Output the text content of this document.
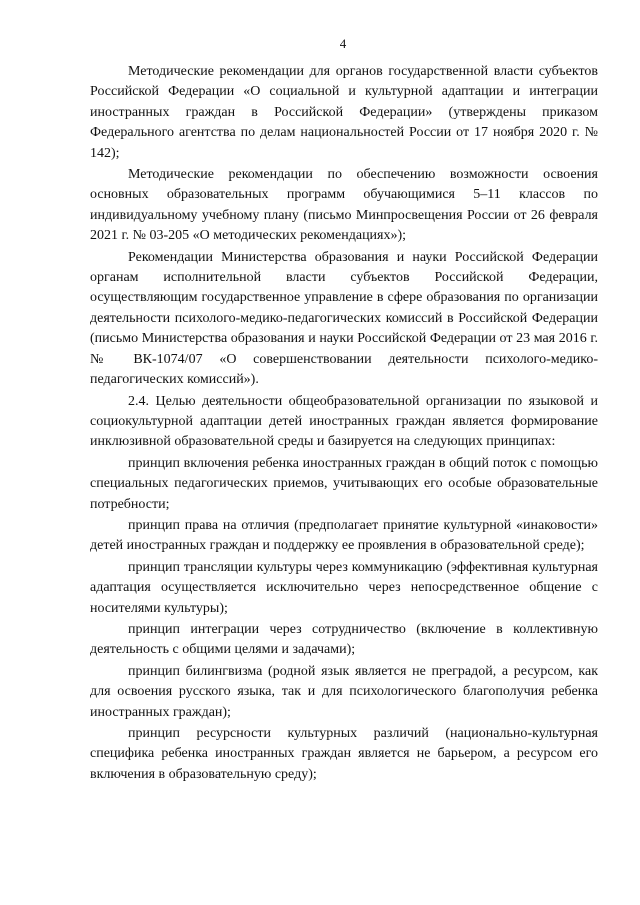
4

Методические рекомендации для органов государственной власти субъектов Российской Федерации «О социальной и культурной адаптации и интеграции иностранных граждан в Российской Федерации» (утверждены приказом Федерального агентства по делам национальностей России от 17 ноября 2020 г. № 142);

Методические рекомендации по обеспечению возможности освоения основных образовательных программ обучающимися 5–11 классов по индивидуальному учебному плану (письмо Минпросвещения России от 26 февраля 2021 г. № 03-205 «О методических рекомендациях»);

Рекомендации Министерства образования и науки Российской Федерации органам исполнительной власти субъектов Российской Федерации, осуществляющим государственное управление в сфере образования по организации деятельности психолого-медико-педагогических комиссий в Российской Федерации (письмо Министерства образования и науки Российской Федерации от 23 мая 2016 г. № ВК-1074/07 «О совершенствовании деятельности психолого-медико-педагогических комиссий»).

2.4. Целью деятельности общеобразовательной организации по языковой и социокультурной адаптации детей иностранных граждан является формирование инклюзивной образовательной среды и базируется на следующих принципах:

принцип включения ребенка иностранных граждан в общий поток с помощью специальных педагогических приемов, учитывающих его особые образовательные потребности;

принцип права на отличия (предполагает принятие культурной «инаковости» детей иностранных граждан и поддержку ее проявления в образовательной среде);

принцип трансляции культуры через коммуникацию (эффективная культурная адаптация осуществляется исключительно через непосредственное общение с носителями культуры);

принцип интеграции через сотрудничество (включение в коллективную деятельность с общими целями и задачами);

принцип билингвизма (родной язык является не преградой, а ресурсом, как для освоения русского языка, так и для психологического благополучия ребенка иностранных граждан);

принцип ресурсности культурных различий (национально-культурная специфика ребенка иностранных граждан является не барьером, а ресурсом его включения в образовательную среду);
